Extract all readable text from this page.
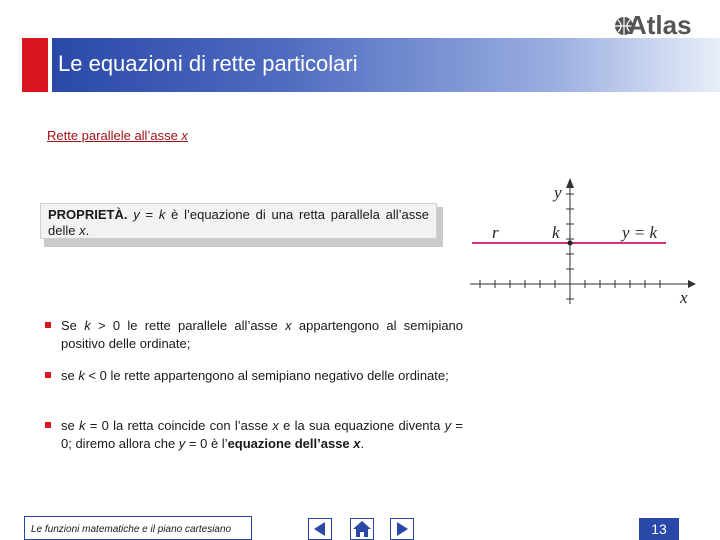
Atlas
Le equazioni di rette particolari
Rette parallele all’asse x
PROPRIETÀ. y = k è l’equazione di una retta parallela all’asse delle x.
Se k > 0 le rette parallele all’asse x appartengono al semipiano positivo delle ordinate;
se k < 0 le rette appartengono al semipiano negativo delle ordinate;
se k = 0 la retta coincide con l’asse x e la sua equazione diventa y = 0; diremo allora che y = 0 è l’equazione dell’asse x.
y
x
r	k	y = k
Le funzioni matematiche e il piano cartesiano	13
